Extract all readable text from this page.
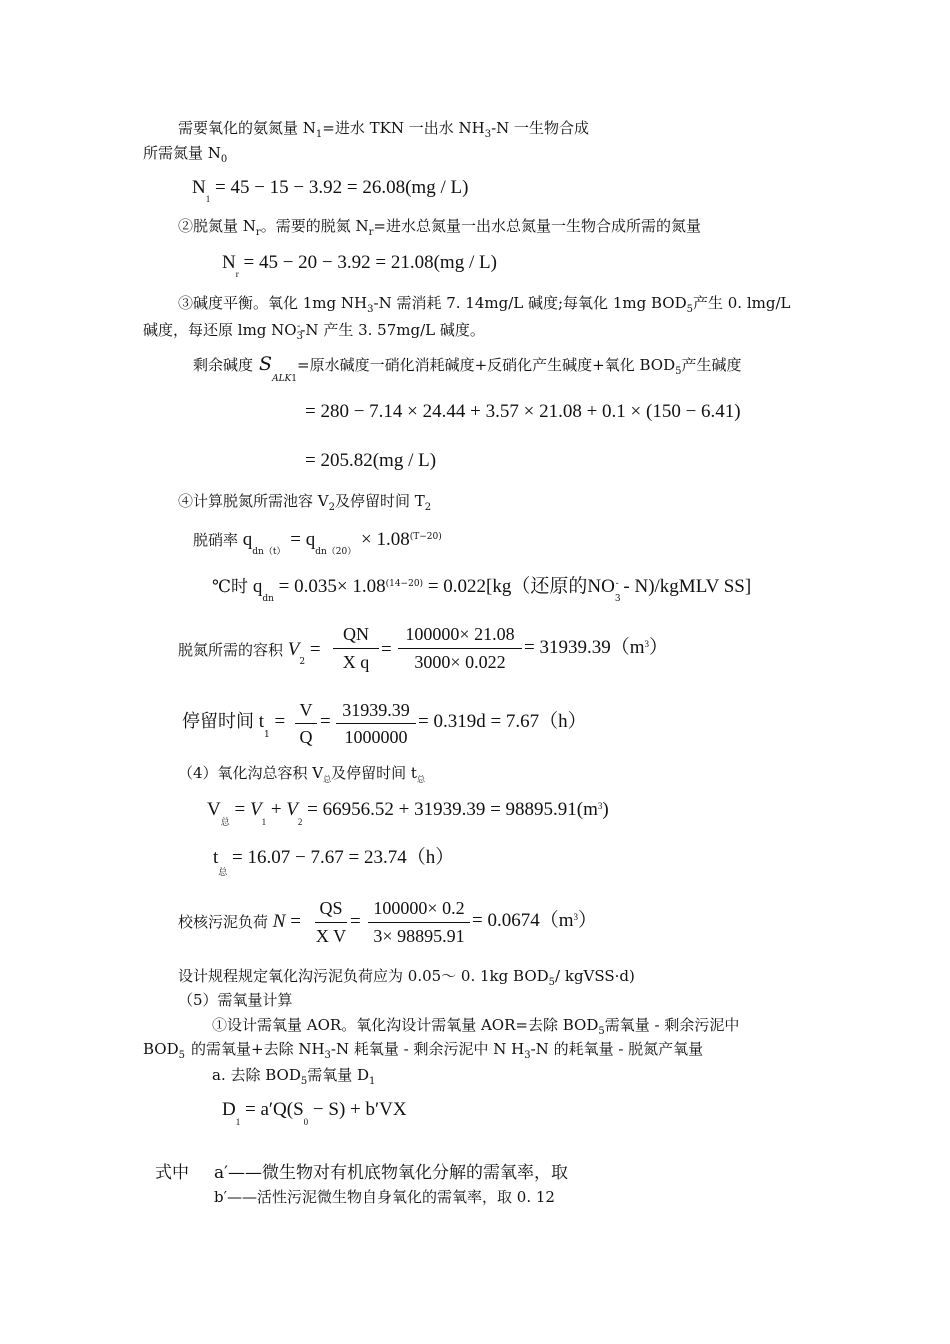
需要氧化的氨氮量 $N_1=$进水 TKN 一出水 $NH_3-N$ 一生物合成
所需氮量 $N_0$
$N_1 = 45 - 15 - 3.92 = 26.08(mg / L)$
②脱氮量 $N_r$。需要的脱氮 $N_r=$进水总氮量一出水总氮量一生物合成所需的氮量
$N_r = 45 - 20 - 3.92 = 21.08(mg / L)$
③碱度平衡。氧化 1mg $NH_3-N$ 需消耗 7. 14mg/L 碱度;每氧化 1mg $BOD_5$产生 0. lmg/L
碱度，每还原 lmg $NO_3^--N$ 产生 3. 57mg/L 碱度。
剩余碱度 $S_{ALK1}=$原水碱度一硝化消耗碱度+反硝化产生碱度+氧化 $BOD_5$产生碱度
= 280 − 7.14 × 24.44 + 3.57 × 21.08 + 0.1 × (150 − 6.41)
= 205.82(mg / L)
④计算脱氮所需池容 $V_2$及停留时间 $T_2$
脱硝率 $q_{dn(t)} = q_{dn(20)} \times 1.08^{(T-20)}$
℃时 $q_{dn} = 0.035\times 1.08^{(14-20)} = 0.022[kg$（还原的$NO_3^-$ - N)/kgMLV SS]
脱氮所需的容积 $V_2$ =
QN
X q
=
100000× 21.08
3000× 0.022
= $31939.39(m^3)$
停留时间 $t_1$ =
V
Q
=
31939.39
1000000
= 0.319d = 7.67（h）
（4）氧化沟总容积 $V_总$及停留时间 $t_总$
$V_总 = V_1 + V_2 = 66956.52 + 31939.39 = 98895.91(m^3)$
$t_总 = 16.07 - 7.67 = 23.74(h)$
校核污泥负荷 N =
QS
X V
=
100000× 0.2
3× 98895.91
= $0.0674(m^3)$
设计规程规定氧化沟污泥负荷应为 0.05～ 0. 1kg $BOD_5/$ kgVSS·d)
（5）需氧量计算
①设计需氧量 AOR。氧化沟设计需氧量 AOR=去除 $BOD_5$需氧量 - 剩余污泥中
$BOD_5$ 的需氧量+去除 $NH_3-N$ 耗氧量 - 剩余污泥中 N $H_3-N$ 的耗氧量 - 脱氮产氧量
a. 去除 $BOD_5$需氧量 $D_1$
$D_1 = a'Q(S_0 - S) + b'VX$
式中 a′——微生物对有机底物氧化分解的需氧率，取
b′——活性污泥微生物自身氧化的需氧率，取 0. 12
